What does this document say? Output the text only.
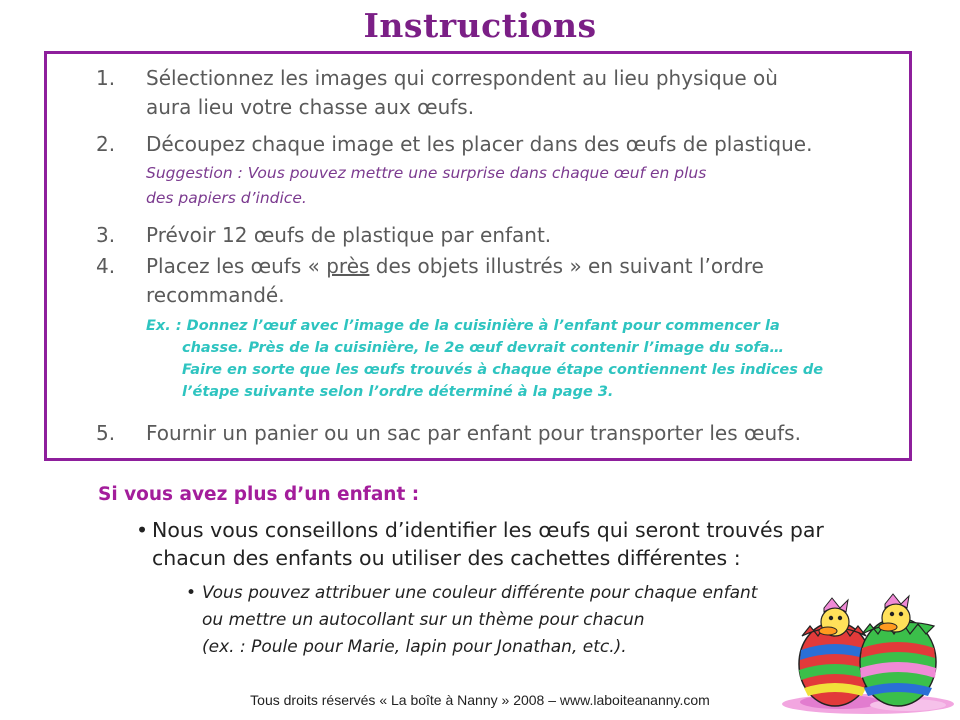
Instructions
1.	Sélectionnez les images qui correspondent au lieu physique où
aura lieu votre chasse aux œufs.
2.	Découpez chaque image et les placer dans des œufs de plastique.
Suggestion : Vous pouvez mettre une surprise dans chaque œuf en plus
des papiers d’indice.
3.	Prévoir 12 œufs de plastique par enfant.
4.	Placez les œufs « près des objets illustrés » en suivant l’ordre
recommandé.
Ex. : Donnez l’œuf avec l’image de la cuisinière à l’enfant pour commencer la
chasse. Près de la cuisinière, le 2e œuf devrait contenir l’image du sofa…
Faire en sorte que les œufs trouvés à chaque étape contiennent les indices de
l’étape suivante selon l’ordre déterminé à la page 3.
5.	Fournir un panier ou un sac par enfant pour transporter les œufs.
Si vous avez plus d’un enfant :
• Nous vous conseillons d’identifier les œufs qui seront trouvés par
chacun des enfants ou utiliser des cachettes différentes :
• Vous pouvez attribuer une couleur différente pour chaque enfant
ou mettre un autocollant sur un thème pour chacun
(ex. : Poule pour Marie, lapin pour Jonathan, etc.).
Tous droits réservés « La boîte à Nanny » 2008 – www.laboiteananny.com
